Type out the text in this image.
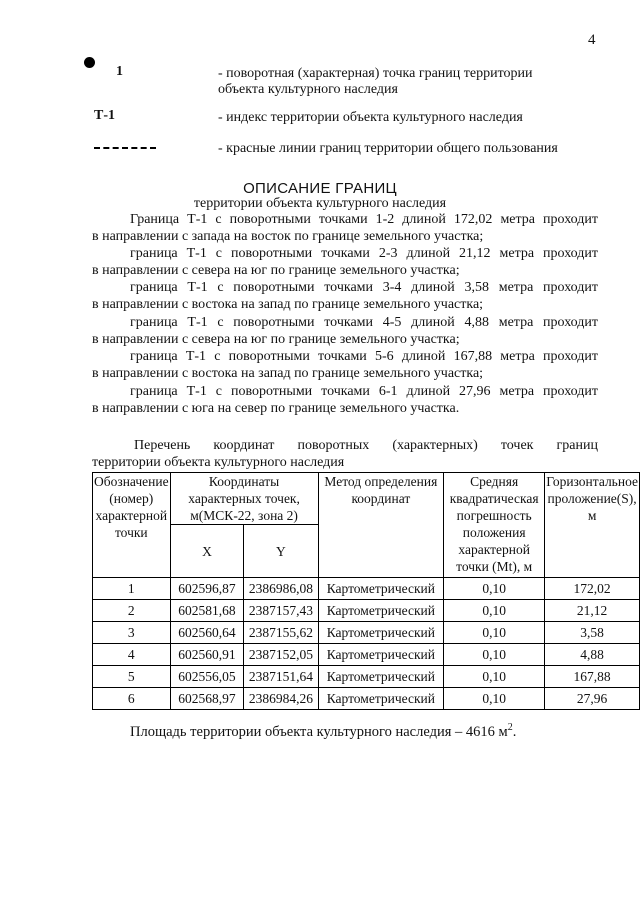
4
1	- поворотная (характерная) точка границ территории объекта культурного наследия
Т-1	- индекс территории объекта культурного наследия
- красные линии границ территории общего пользования
ОПИСАНИЕ ГРАНИЦ
территории объекта культурного наследия
Граница Т-1 с поворотными точками 1-2 длиной 172,02 метра проходит
в направлении с запада на восток по границе земельного участка;
граница Т-1 с поворотными точками 2-3 длиной 21,12 метра проходит
в направлении с севера на юг по границе земельного участка;
граница Т-1 с поворотными точками 3-4 длиной 3,58 метра проходит
в направлении с востока на запад по границе земельного участка;
граница Т-1 с поворотными точками 4-5 длиной 4,88 метра проходит
в направлении с севера на юг по границе земельного участка;
граница Т-1 с поворотными точками 5-6 длиной 167,88 метра проходит
в направлении с востока на запад по границе земельного участка;
граница Т-1 с поворотными точками 6-1 длиной 27,96 метра проходит
в направлении с юга на север по границе земельного участка.
Перечень координат поворотных (характерных) точек границ
территории объекта культурного наследия
Обозначение (номер) характерной точки	Координаты характерных точек, м(МСК-22, зона 2)		Метод определения координат	Средняя квадратическая погрешность положения характерной точки (Mt), м	Горизонтальное проложение(S), м
	X	Y			
1	602596,87	2386986,08	Картометрический	0,10	172,02
2	602581,68	2387157,43	Картометрический	0,10	21,12
3	602560,64	2387155,62	Картометрический	0,10	3,58
4	602560,91	2387152,05	Картометрический	0,10	4,88
5	602556,05	2387151,64	Картометрический	0,10	167,88
6	602568,97	2386984,26	Картометрический	0,10	27,96
Площадь территории объекта культурного наследия – 4616 $м^2$.
